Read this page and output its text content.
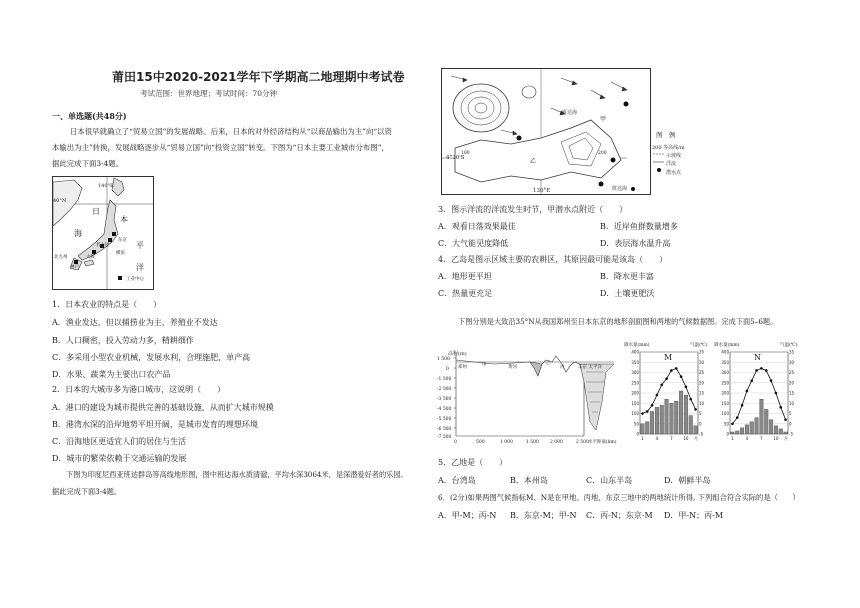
莆田15中2020-2021学年下学期高二地理期中考试卷
考试范围：世界地理；考试时间：70分钟
一、单选题(共48分)
日本很早就确立了“贸易立国”的发展战略。后来，日本的对外经济结构从“以商品输出为主”向“以资
本输出为主”转换，发展战略逐步从“贸易立国”向“投资立国”转变。下图为“日本主要工业城市分布图”，
据此完成下面3-4题。
140°E
40°N
海
日
本
平
洋
北九州	大阪
横滨
东京
名古屋
神户
工业中心
1．日本农业的特点是（　　）
A．渔业发达，但以捕捞业为主，养殖业不发达
B．人口稠密，投入劳动力多，精耕细作
C．多采用小型农业机械，发展水利，合理施肥，单产高
D．水果、蔬菜为主要出口农产品
2．日本的大城市多为港口城市，这说明（　　）
A．港口的建设为城市提供完善的基础设施，从而扩大城市规模
B．港湾水深的沿岸地势平坦开阔，是城市发育的理想环境
C．沿海地区更适宜人们的居住与生活
D．城市的繁荣依赖于交通运输的发展
下图为印度尼西亚班达群岛等高线地形图，图中班达海水质清澈，平均水深3064米，是深潜爱好者的乐园。
据此完成下面3-4题。
4°30'S
130°E
班达海
班达海
甲
乙
100	200
图　例
200 等高线/m
示坡线
洋流
潜水点
3．图示洋流的洋流发生时节，甲潜水点附近（　　）
A．观看日落效果最佳	B．近岸鱼群数量增多
C．大气能见度降低	D．表层海水温升高
4．乙岛是图示区域主要的农耕区，其原因最可能是该岛（　　）
A．地形更平坦	B．降水更丰富
C．热量更充足	D．土壤更肥沃
下图分别是大致沿35°N从我国郑州至日本东京的地形剖面图和两地的气候数据图。完成下面5–6题。
高程(m)
1 500
0
-1 500
-2 500
-3 500
-4 500
-5 500
-6 500
-7 500
0	500	1 000	1 500 2 000	2 500 水平距离(km)
郑州	甲	黄河
乙
丙	东京 太平洋
400	35
350	30
300	25
250	20
200	15
150	10
100	5
50	0
0	-5
1	4	7	10 月
降水量(mm)	气温(℃)
M
400	35
350	30
300	25
250	20
200	15
150	10
100	5
50	0
0	-5
1	4	7	10 月
降水量(mm)	气温(℃)
N
5．乙地是（　　）
A．台湾岛	B．本州岛	C．山东半岛	D．朝鲜半岛
6．(2分)如果两图气候指标M、N是在甲地、丙地、东京三地中的两地统计所得, 下列组合符合实际的是（　　）
A．甲-M；丙-N B．东京-M；甲-N C．丙-N；东京-M D．甲-N；丙-M
